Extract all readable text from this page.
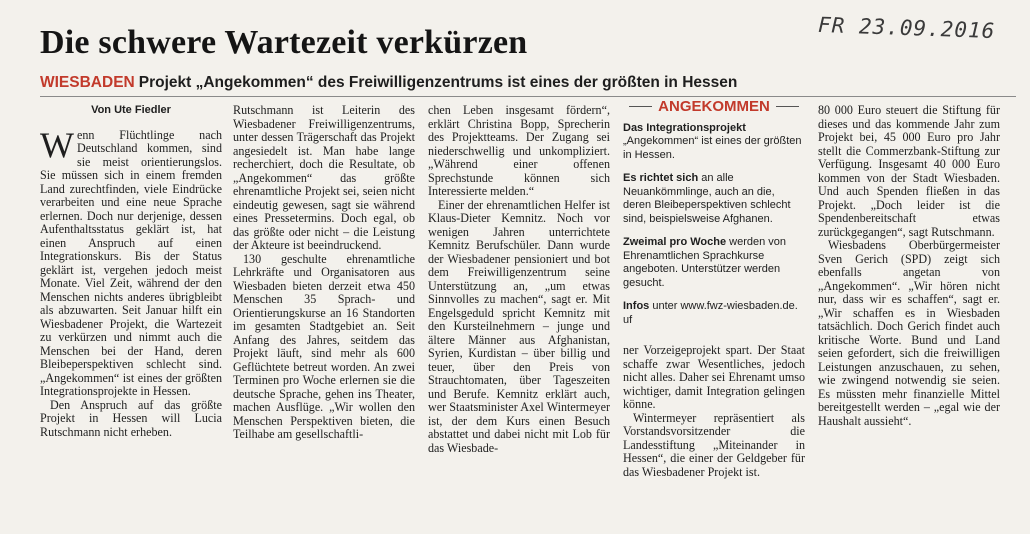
Die schwere Wartezeit verkürzen	FR 23.09.2016
WIESBADEN Projekt „Angekommen“ des Freiwilligenzentrums ist eines der größten in Hessen
Von Ute Fiedler

Wenn Flüchtlinge nach Deutschland kommen, sind sie meist orientierungslos. Sie müssen sich in einem fremden Land zurechtfinden, viele Eindrücke verarbeiten und eine neue Sprache erlernen. Doch nur derjenige, dessen Aufenthaltsstatus geklärt ist, hat einen Anspruch auf einen Integrationskurs. Bis der Status geklärt ist, vergehen jedoch meist Monate. Viel Zeit, während der den Menschen nichts anderes übrigbleibt als abzuwarten. Seit Januar hilft ein Wiesbadener Projekt, die Wartezeit zu verkürzen und nimmt auch die Menschen bei der Hand, deren Bleibeperspektiven schlecht sind. „Angekommen“ ist eines der größten Integrationsprojekte in Hessen.

Den Anspruch auf das größte Projekt in Hessen will Lucia Rutschmann nicht erheben.

Rutschmann ist Leiterin des Wiesbadener Freiwilligenzentrums, unter dessen Trägerschaft das Projekt angesiedelt ist. Man habe lange recherchiert, doch die Resultate, ob „Angekommen“ das größte ehrenamtliche Projekt sei, seien nicht eindeutig gewesen, sagt sie während eines Pressetermins. Doch egal, ob das größte oder nicht – die Leistung der Akteure ist beeindruckend.

130 geschulte ehrenamtliche Lehrkräfte und Organisatoren aus Wiesbaden bieten derzeit etwa 450 Menschen 35 Sprach- und Orientierungskurse an 16 Standorten im gesamten Stadtgebiet an. Seit Anfang des Jahres, seitdem das Projekt läuft, sind mehr als 600 Geflüchtete betreut worden. An zwei Terminen pro Woche erlernen sie die deutsche Sprache, gehen ins Theater, machen Ausflüge. „Wir wollen den Menschen Perspektiven bieten, die Teilhabe am gesellschaftli-

chen Leben insgesamt fördern“, erklärt Christina Bopp, Sprecherin des Projektteams. Der Zugang sei niederschwellig und unkompliziert. „Während einer offenen Sprechstunde können sich Interessierte melden.“

Einer der ehrenamtlichen Helfer ist Klaus-Dieter Kemnitz. Noch vor wenigen Jahren unterrichtete Kemnitz Berufschüler. Dann wurde der Wiesbadener pensioniert und bot dem Freiwilligenzentrum seine Unterstützung an, „um etwas Sinnvolles zu machen“, sagt er. Mit Engelsgeduld spricht Kemnitz mit den Kursteilnehmern – junge und ältere Männer aus Afghanistan, Syrien, Kurdistan – über billig und teuer, über den Preis von Strauchtomaten, über Tageszeiten und Berufe. Kemnitz erklärt auch, wer Staatsminister Axel Wintermeyer ist, der dem Kurs einen Besuch abstattet und dabei nicht mit Lob für das Wiesbade-

ANGEKOMMEN

Das Integrationsprojekt „Angekommen“ ist eines der größten in Hessen.

Es richtet sich an alle Neuankömmlinge, auch an die, deren Bleibeperspektiven schlecht sind, beispielsweise Afghanen.

Zweimal pro Woche werden von Ehrenamtlichen Sprachkurse angeboten. Unterstützer werden gesucht.

Infos unter www.fwz-wiesbaden.de. uf

ner Vorzeigeprojekt spart. Der Staat schaffe zwar Wesentliches, jedoch nicht alles. Daher sei Ehrenamt umso wichtiger, damit Integration gelingen könne.

Wintermeyer repräsentiert als Vorstandsvorsitzender die Landesstiftung „Miteinander in Hessen“, die einer der Geldgeber für das Wiesbadener Projekt ist.

80 000 Euro steuert die Stiftung für dieses und das kommende Jahr zum Projekt bei, 45 000 Euro pro Jahr stellt die Commerzbank-Stiftung zur Verfügung. Insgesamt 40 000 Euro kommen von der Stadt Wiesbaden. Und auch Spenden fließen in das Projekt. „Doch leider ist die Spendenbereitschaft etwas zurückgegangen“, sagt Rutschmann.

Wiesbadens Oberbürgermeister Sven Gerich (SPD) zeigt sich ebenfalls angetan von „Angekommen“. „Wir hören nicht nur, dass wir es schaffen“, sagt er. „Wir schaffen es in Wiesbaden tatsächlich. Doch Gerich findet auch kritische Worte. Bund und Land seien gefordert, sich die freiwilligen Leistungen anzuschauen, zu sehen, wie zwingend notwendig sie seien. Es müssten mehr finanzielle Mittel bereitgestellt werden – „egal wie der Haushalt aussieht“.
